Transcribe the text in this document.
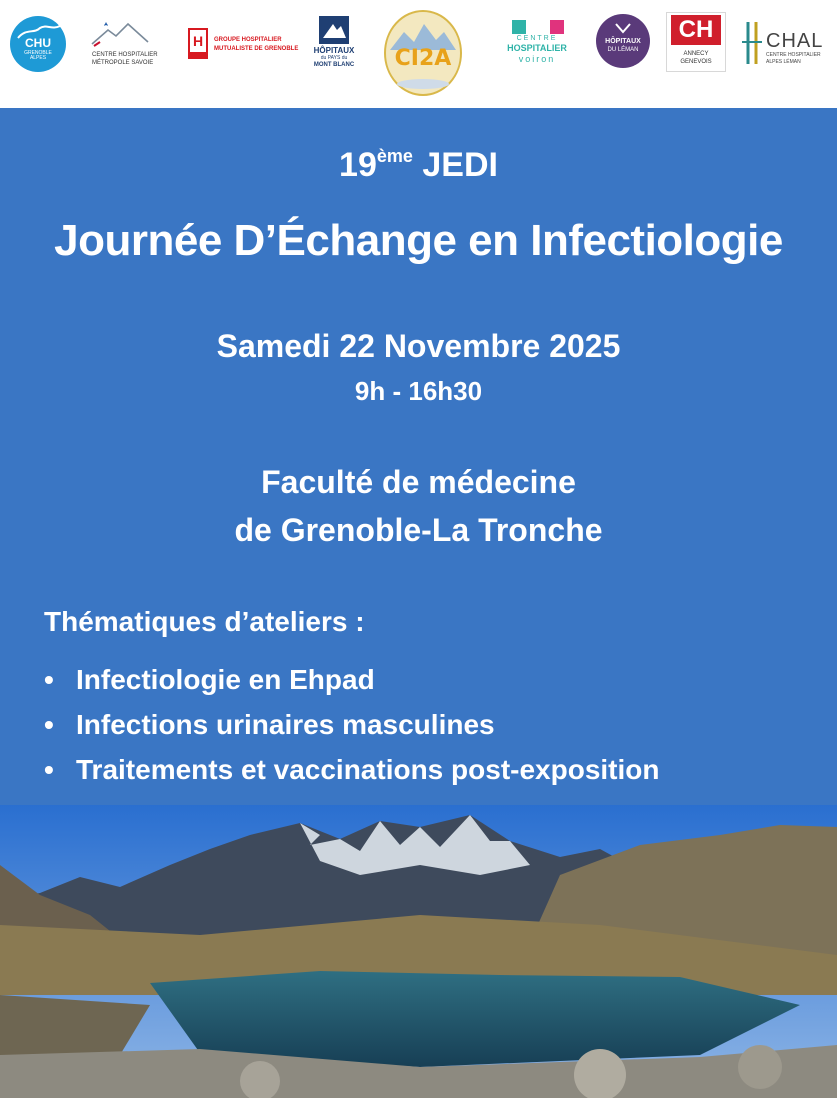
CHU
GRENOBLE ALPES
CENTRE HOSPITALIER
MÉTROPOLE SAVOIE
H	GROUPE HOSPITALIER
MUTUALISTE DE GRENOBLE	HÔPITAUX
du PAYS du
MONT BLANC	CI2A
CENTRE
HOSPITALIER
voiron
HÔPITAUX
DU LÉMAN
CH
ANNECY
GENEVOIS
CHAL
CENTRE HOSPITALIER
ALPES LÉMAN
19ème JEDI
Journée D’Échange en Infectiologie
Samedi 22 Novembre 2025
9h - 16h30
Faculté de médecine
de Grenoble-La Tronche
Thématiques d’ateliers :
• Infectiologie en Ehpad
• Infections urinaires masculines
• Traitements et vaccinations post-exposition
